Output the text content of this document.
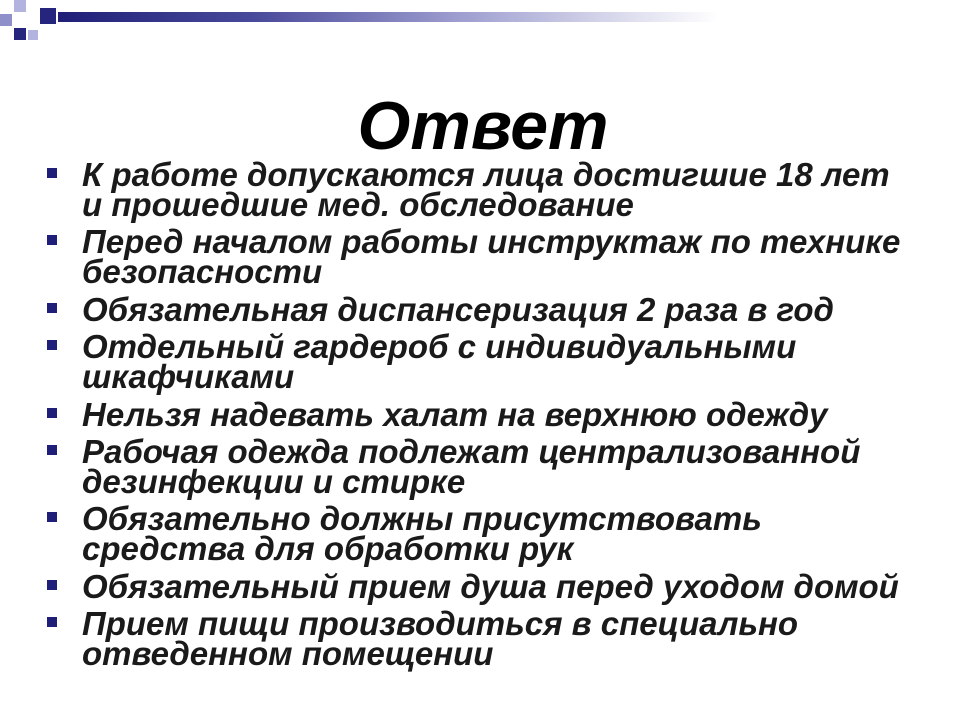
Ответ
К работе допускаются лица достигшие 18 лет
и прошедшие мед. обследование
Перед началом работы инструктаж по технике
безопасности
Обязательная диспансеризация 2 раза в год
Отдельный гардероб с индивидуальными
шкафчиками
Нельзя надевать халат на верхнюю одежду
Рабочая одежда подлежат централизованной
дезинфекции и стирке
Обязательно должны присутствовать
средства для обработки рук
Обязательный прием душа перед уходом домой
Прием пищи производиться в специально
отведенном помещении
